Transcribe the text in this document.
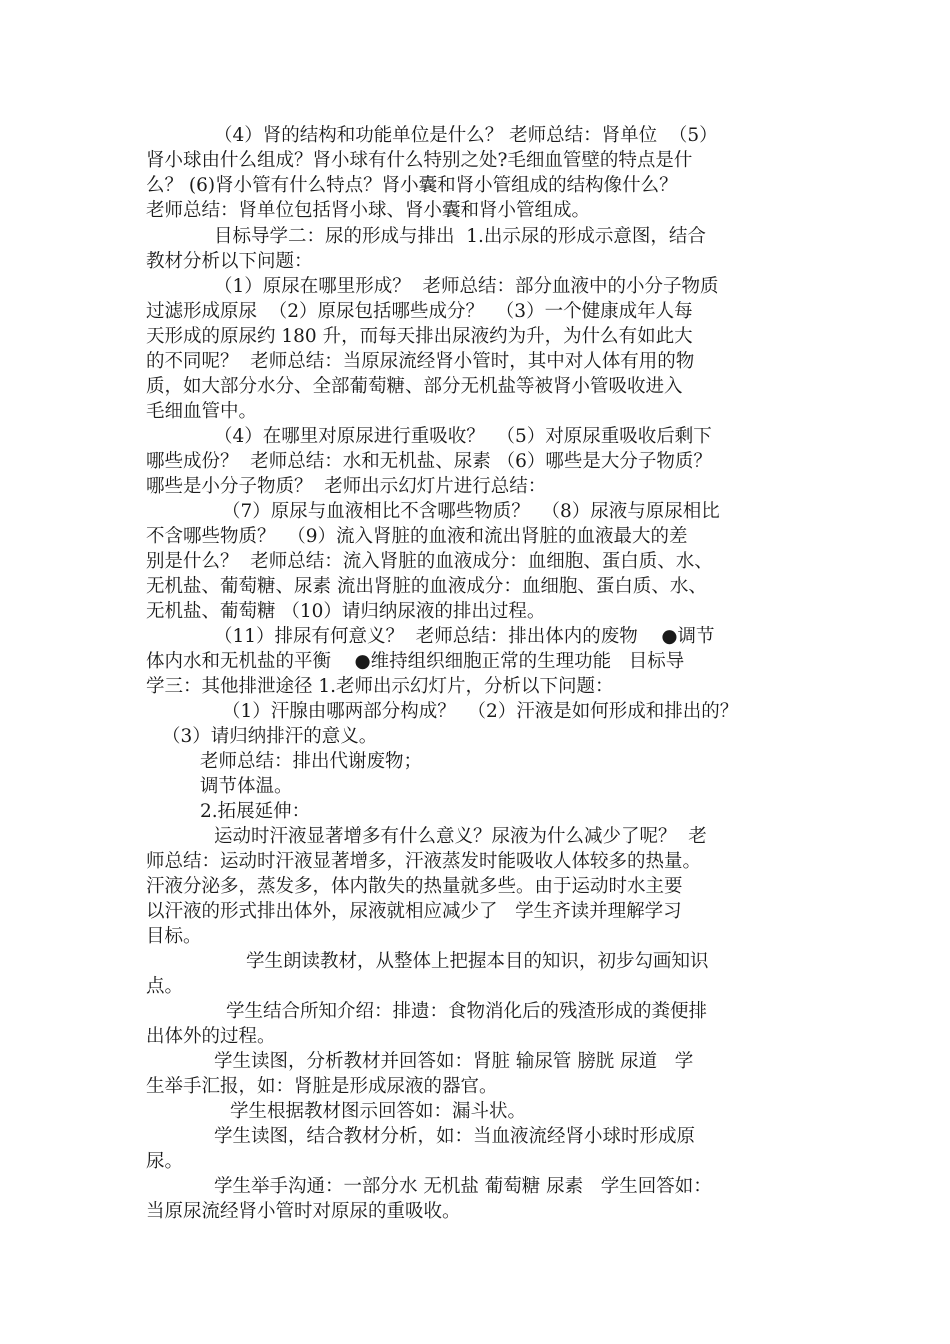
（4）肾的结构和功能单位是什么？ 老师总结：肾单位  （5）
肾小球由什么组成？肾小球有什么特别之处?毛细血管壁的特点是什
么？ (6)肾小管有什么特点？肾小囊和肾小管组成的结构像什么？
老师总结：肾单位包括肾小球、肾小囊和肾小管组成。
目标导学二：尿的形成与排出  1.出示尿的形成示意图，结合
教材分析以下问题：
（1）原尿在哪里形成？  老师总结：部分血液中的小分子物质
过滤形成原尿  （2）原尿包括哪些成分？  （3）一个健康成年人每
天形成的原尿约 180 升，而每天排出尿液约为升，为什么有如此大
的不同呢？  老师总结：当原尿流经肾小管时，其中对人体有用的物
质，如大部分水分、全部葡萄糖、部分无机盐等被肾小管吸收进入
毛细血管中。
（4）在哪里对原尿进行重吸收？  （5）对原尿重吸收后剩下
哪些成份？  老师总结：水和无机盐、尿素 （6）哪些是大分子物质？
哪些是小分子物质？  老师出示幻灯片进行总结：
（7）原尿与血液相比不含哪些物质？  （8）尿液与原尿相比
不含哪些物质？  （9）流入肾脏的血液和流出肾脏的血液最大的差
别是什么？  老师总结：流入肾脏的血液成分：血细胞、蛋白质、水、
无机盐、葡萄糖、尿素 流出肾脏的血液成分：血细胞、蛋白质、水、
无机盐、葡萄糖 （10）请归纳尿液的排出过程。
（11）排尿有何意义？  老师总结：排出体内的废物    ●调节
体内水和无机盐的平衡    ●维持组织细胞正常的生理功能   目标导
学三：其他排泄途径 1.老师出示幻灯片，分析以下问题：
（1）汗腺由哪两部分构成？  （2）汗液是如何形成和排出的？
（3）请归纳排汗的意义。
老师总结：排出代谢废物；
调节体温。
2.拓展延伸：
运动时汗液显著增多有什么意义？尿液为什么减少了呢？  老
师总结：运动时汗液显著增多，汗液蒸发时能吸收人体较多的热量。
汗液分泌多，蒸发多，体内散失的热量就多些。由于运动时水主要
以汗液的形式排出体外，尿液就相应减少了   学生齐读并理解学习
目标。
学生朗读教材，从整体上把握本目的知识，初步勾画知识
点。
学生结合所知介绍：排遗：食物消化后的残渣形成的粪便排
出体外的过程。
学生读图，分析教材并回答如：肾脏 输尿管 膀胱 尿道   学
生举手汇报，如：肾脏是形成尿液的器官。
学生根据教材图示回答如：漏斗状。
学生读图，结合教材分析，如：当血液流经肾小球时形成原
尿。
学生举手沟通：一部分水 无机盐 葡萄糖 尿素   学生回答如：
当原尿流经肾小管时对原尿的重吸收。
